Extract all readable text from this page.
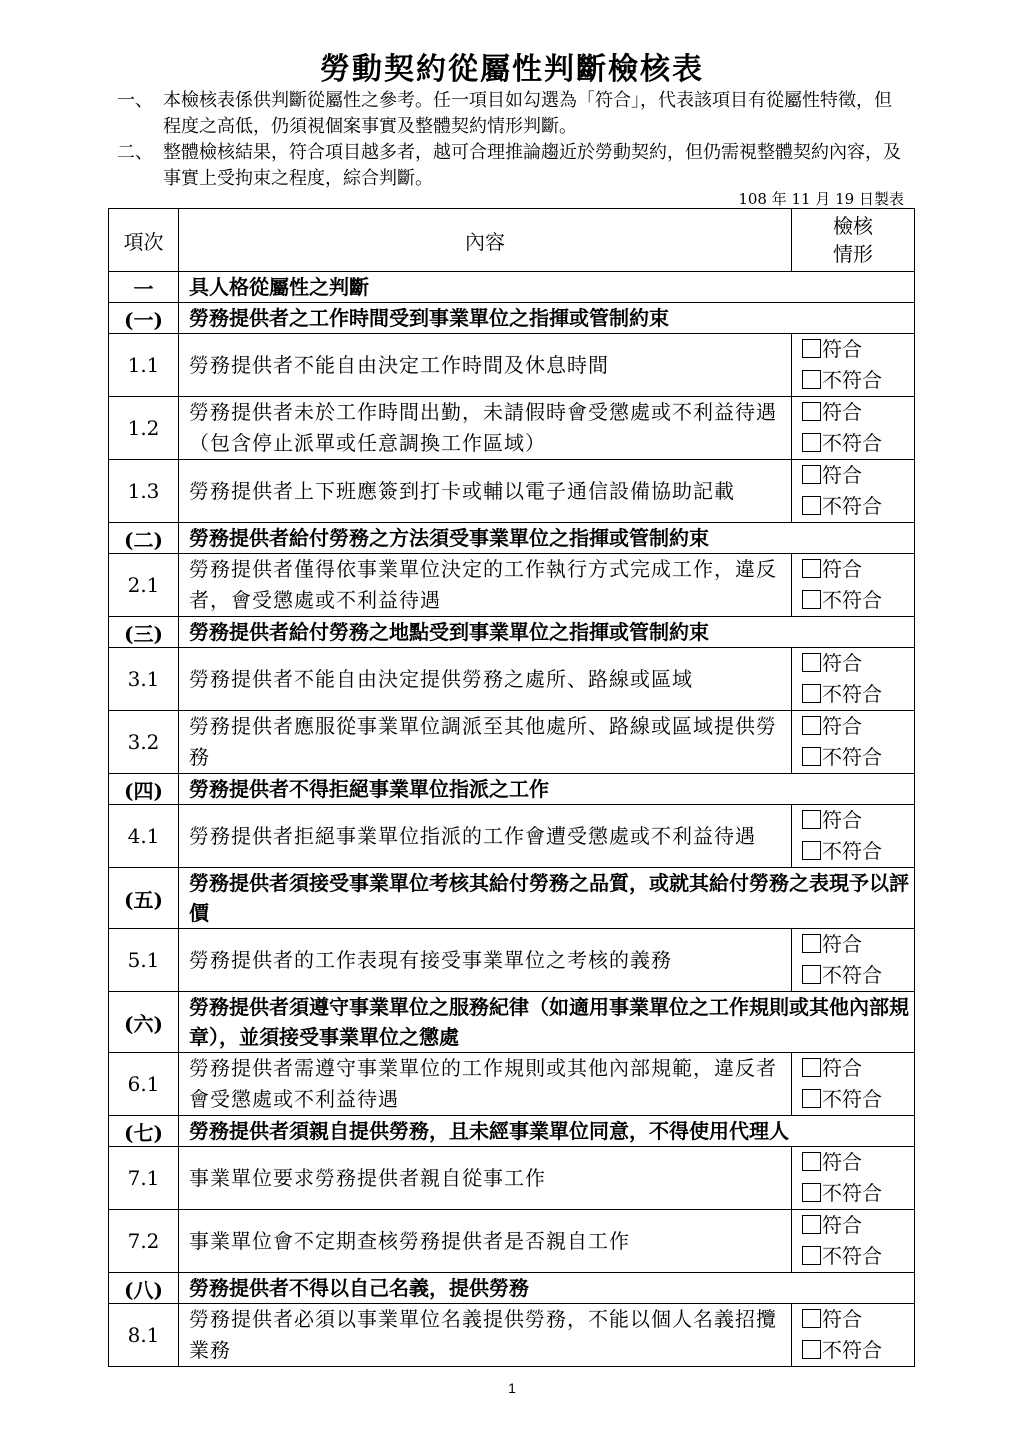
勞動契約從屬性判斷檢核表
一、 本檢核表係供判斷從屬性之參考。任一項目如勾選為「符合」，代表該項目有從屬性特徵，但程度之高低，仍須視個案事實及整體契約情形判斷。
二、 整體檢核結果，符合項目越多者，越可合理推論趨近於勞動契約，但仍需視整體契約內容，及事實上受拘束之程度，綜合判斷。
108 年 11 月 19 日製表
項次	內容	檢核
情形

一	具人格從屬性之判斷	
(一)	勞務提供者之工作時間受到事業單位之指揮或管制約束	
1.1	勞務提供者不能自由決定工作時間及休息時間	符合
不符合

1.2	勞務提供者未於工作時間出勤，未請假時會受懲處或不利益待遇（包含停止派單或任意調換工作區域）	符合
不符合

1.3	勞務提供者上下班應簽到打卡或輔以電子通信設備協助記載	符合
不符合

(二)	勞務提供者給付勞務之方法須受事業單位之指揮或管制約束	
2.1	勞務提供者僅得依事業單位決定的工作執行方式完成工作，違反者，會受懲處或不利益待遇	符合
不符合

(三)	勞務提供者給付勞務之地點受到事業單位之指揮或管制約束	
3.1	勞務提供者不能自由決定提供勞務之處所、路線或區域	符合
不符合

3.2	勞務提供者應服從事業單位調派至其他處所、路線或區域提供勞務	符合
不符合

(四)	勞務提供者不得拒絕事業單位指派之工作	
4.1	勞務提供者拒絕事業單位指派的工作會遭受懲處或不利益待遇	符合
不符合

(五)	勞務提供者須接受事業單位考核其給付勞務之品質，或就其給付勞務之表現予以評價	
5.1	勞務提供者的工作表現有接受事業單位之考核的義務	符合
不符合

(六)	勞務提供者須遵守事業單位之服務紀律（如適用事業單位之工作規則或其他內部規章），並須接受事業單位之懲處	
6.1	勞務提供者需遵守事業單位的工作規則或其他內部規範，違反者會受懲處或不利益待遇	符合
不符合

(七)	勞務提供者須親自提供勞務，且未經事業單位同意，不得使用代理人	
7.1	事業單位要求勞務提供者親自從事工作	符合
不符合

7.2	事業單位會不定期查核勞務提供者是否親自工作	符合
不符合

(八)	勞務提供者不得以自己名義，提供勞務	
8.1	勞務提供者必須以事業單位名義提供勞務，不能以個人名義招攬業務	符合
不符合
1
